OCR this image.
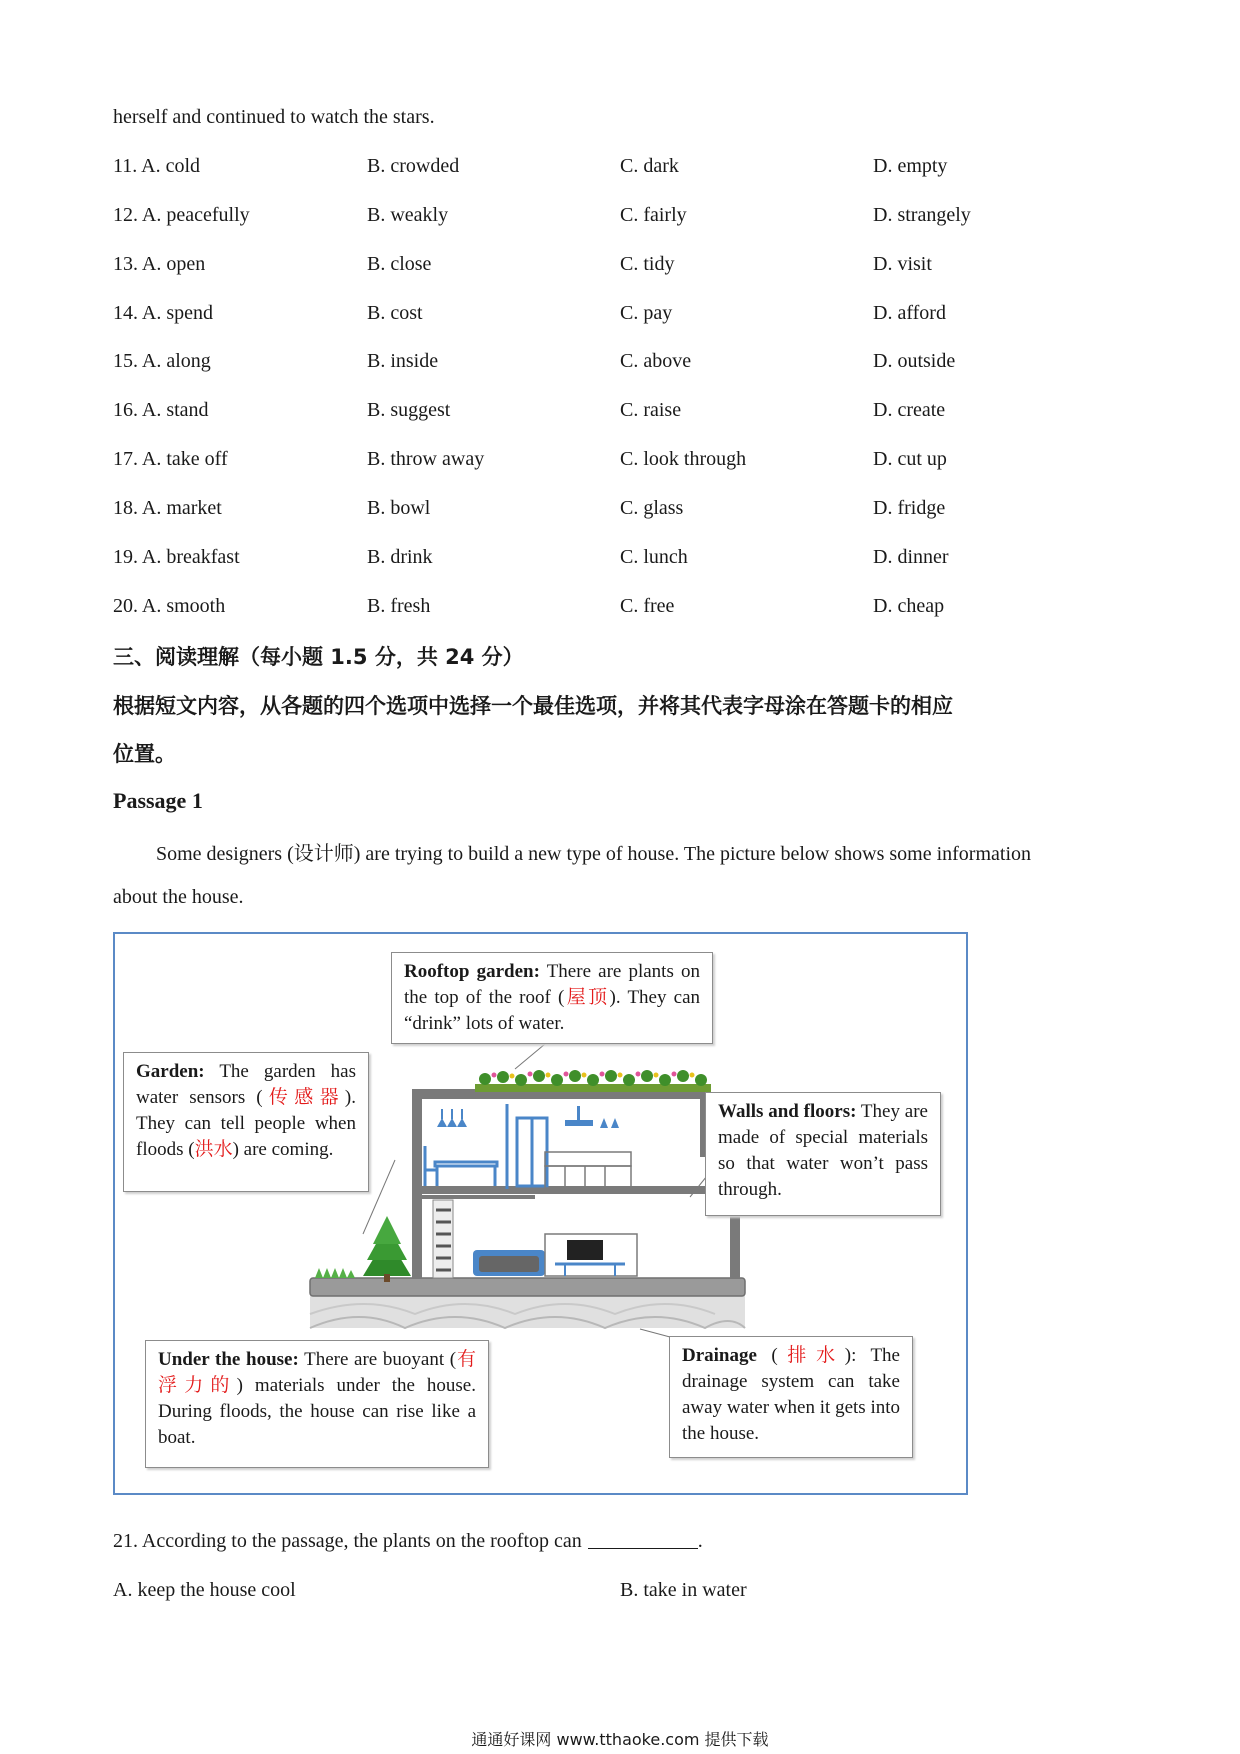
herself and continued to watch the stars.
11. A. cold	B. crowded	C. dark	D. empty
12. A. peacefully	B. weakly	C. fairly	D. strangely
13. A. open	B. close	C. tidy	D. visit
14. A. spend	B. cost	C. pay	D. afford
15. A. along	B. inside	C. above	D. outside
16. A. stand	B. suggest	C. raise	D. create
17. A. take off	B. throw away	C. look through	D. cut up
18. A. market	B. bowl	C. glass	D. fridge
19. A. breakfast	B. drink	C. lunch	D. dinner
20. A. smooth	B. fresh	C. free	D. cheap
三、阅读理解（每小题 1.5 分，共 24 分）
根据短文内容，从各题的四个选项中选择一个最佳选项，并将其代表字母涂在答题卡的相应
位置。
Passage 1
Some designers (设计师) are trying to build a new type of house. The picture below shows some information
about the house.
Rooftop garden: There are plants on the top of the roof (屋顶). They can “drink” lots of water.
Garden: The garden has water sensors (传感器). They can tell people when floods (洪水) are coming.
Walls and floors: They are made of special materials so that water won’t pass through.
Under the house: There are buoyant (有浮力的) materials under the house. During floods, the house can rise like a boat.
Drainage (排水): The drainage system can take away water when it gets into the house.
21. According to the passage, the plants on the rooftop can	.
A. keep the house cool	B. take in water
通通好课网 www.tthaoke.com 提供下载
